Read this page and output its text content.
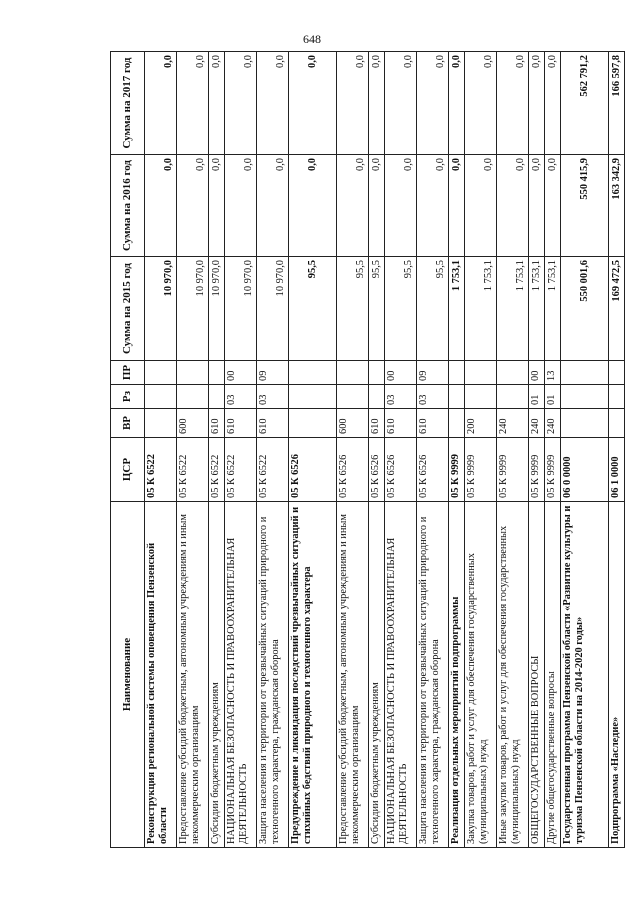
648
Наименование	ЦСР	ВР	Рз	ПР	Сумма на 2015 год	Сумма на 2016 год	Сумма на 2017 год
Реконструкция региональной системы оповещения Пензенской области	05 К 6522				10 970,0	0,0	0,0
Предоставление субсидий бюджетным, автономным учреждениям и иным некоммерческим организациям	05 К 6522	600			10 970,0	0,0	0,0
Субсидии бюджетным учреждениям	05 К 6522	610			10 970,0	0,0	0,0
НАЦИОНАЛЬНАЯ БЕЗОПАСНОСТЬ И ПРАВООХРАНИТЕЛЬНАЯ ДЕЯТЕЛЬНОСТЬ	05 К 6522	610	03	00	10 970,0	0,0	0,0
Защита населения и территории от чрезвычайных ситуаций природного и техногенного характера, гражданская оборона	05 К 6522	610	03	09	10 970,0	0,0	0,0
Предупреждение и ликвидация последствий чрезвычайных ситуаций и стихийных бедствий природного и техногенного характера	05 К 6526				95,5	0,0	0,0
Предоставление субсидий бюджетным, автономным учреждениям и иным некоммерческим организациям	05 К 6526	600			95,5	0,0	0,0
Субсидии бюджетным учреждениям	05 К 6526	610			95,5	0,0	0,0
НАЦИОНАЛЬНАЯ БЕЗОПАСНОСТЬ И ПРАВООХРАНИТЕЛЬНАЯ ДЕЯТЕЛЬНОСТЬ	05 К 6526	610	03	00	95,5	0,0	0,0
Защита населения и территории от чрезвычайных ситуаций природного и техногенного характера, гражданская оборона	05 К 6526	610	03	09	95,5	0,0	0,0
Реализация отдельных мероприятий подпрограммы	05 К 9999				1 753,1	0,0	0,0
Закупка товаров, работ и услуг для обеспечения государственных (муниципальных) нужд	05 К 9999	200			1 753,1	0,0	0,0
Иные закупки товаров, работ и услуг для обеспечения государственных (муниципальных) нужд	05 К 9999	240			1 753,1	0,0	0,0
ОБЩЕГОСУДАРСТВЕННЫЕ ВОПРОСЫ	05 К 9999	240	01	00	1 753,1	0,0	0,0
Другие общегосударственные вопросы	05 К 9999	240	01	13	1 753,1	0,0	0,0
Государственная программа Пензенской области «Развитие культуры и туризма Пензенской области на 2014-2020 годы»	06 0 0000				550 001,6	550 415,9	562 791,2
Подпрограмма «Наследие»	06 1 0000				169 472,5	163 342,9	166 597,8
